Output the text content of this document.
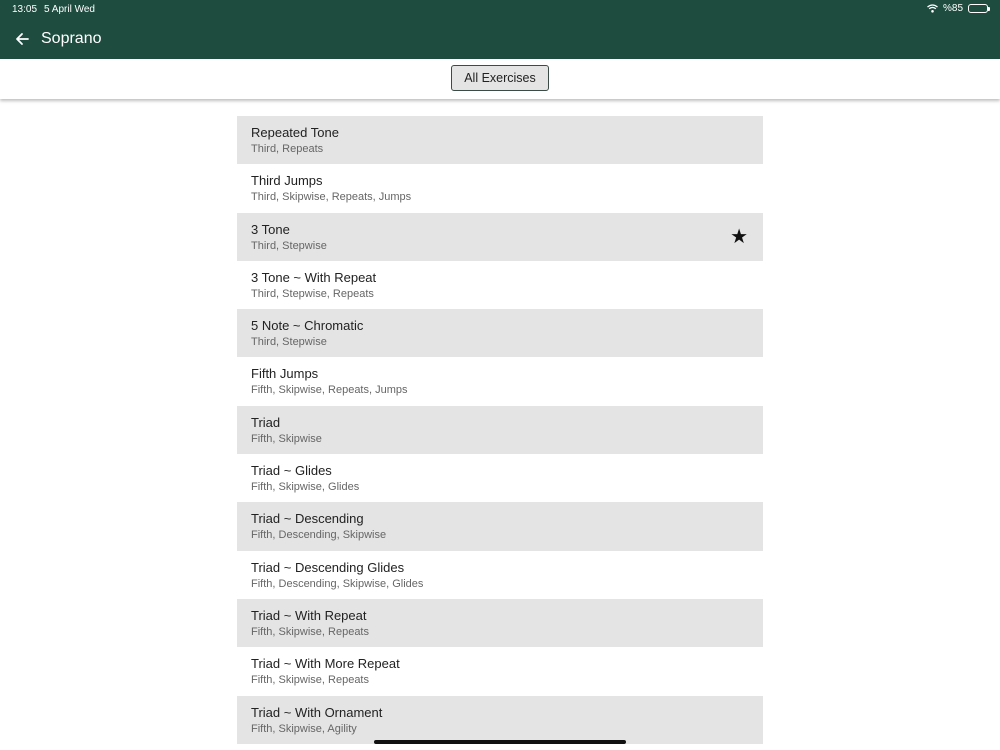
13:05 5 April Wed	%85
Soprano
All Exercises
Repeated Tone
Third, Repeats
Third Jumps
Third, Skipwise, Repeats, Jumps
3 Tone
Third, Stepwise	★
3 Tone ~ With Repeat
Third, Stepwise, Repeats
5 Note ~ Chromatic
Third, Stepwise
Fifth Jumps
Fifth, Skipwise, Repeats, Jumps
Triad
Fifth, Skipwise
Triad ~ Glides
Fifth, Skipwise, Glides
Triad ~ Descending
Fifth, Descending, Skipwise
Triad ~ Descending Glides
Fifth, Descending, Skipwise, Glides
Triad ~ With Repeat
Fifth, Skipwise, Repeats
Triad ~ With More Repeat
Fifth, Skipwise, Repeats
Triad ~ With Ornament
Fifth, Skipwise, Agility
